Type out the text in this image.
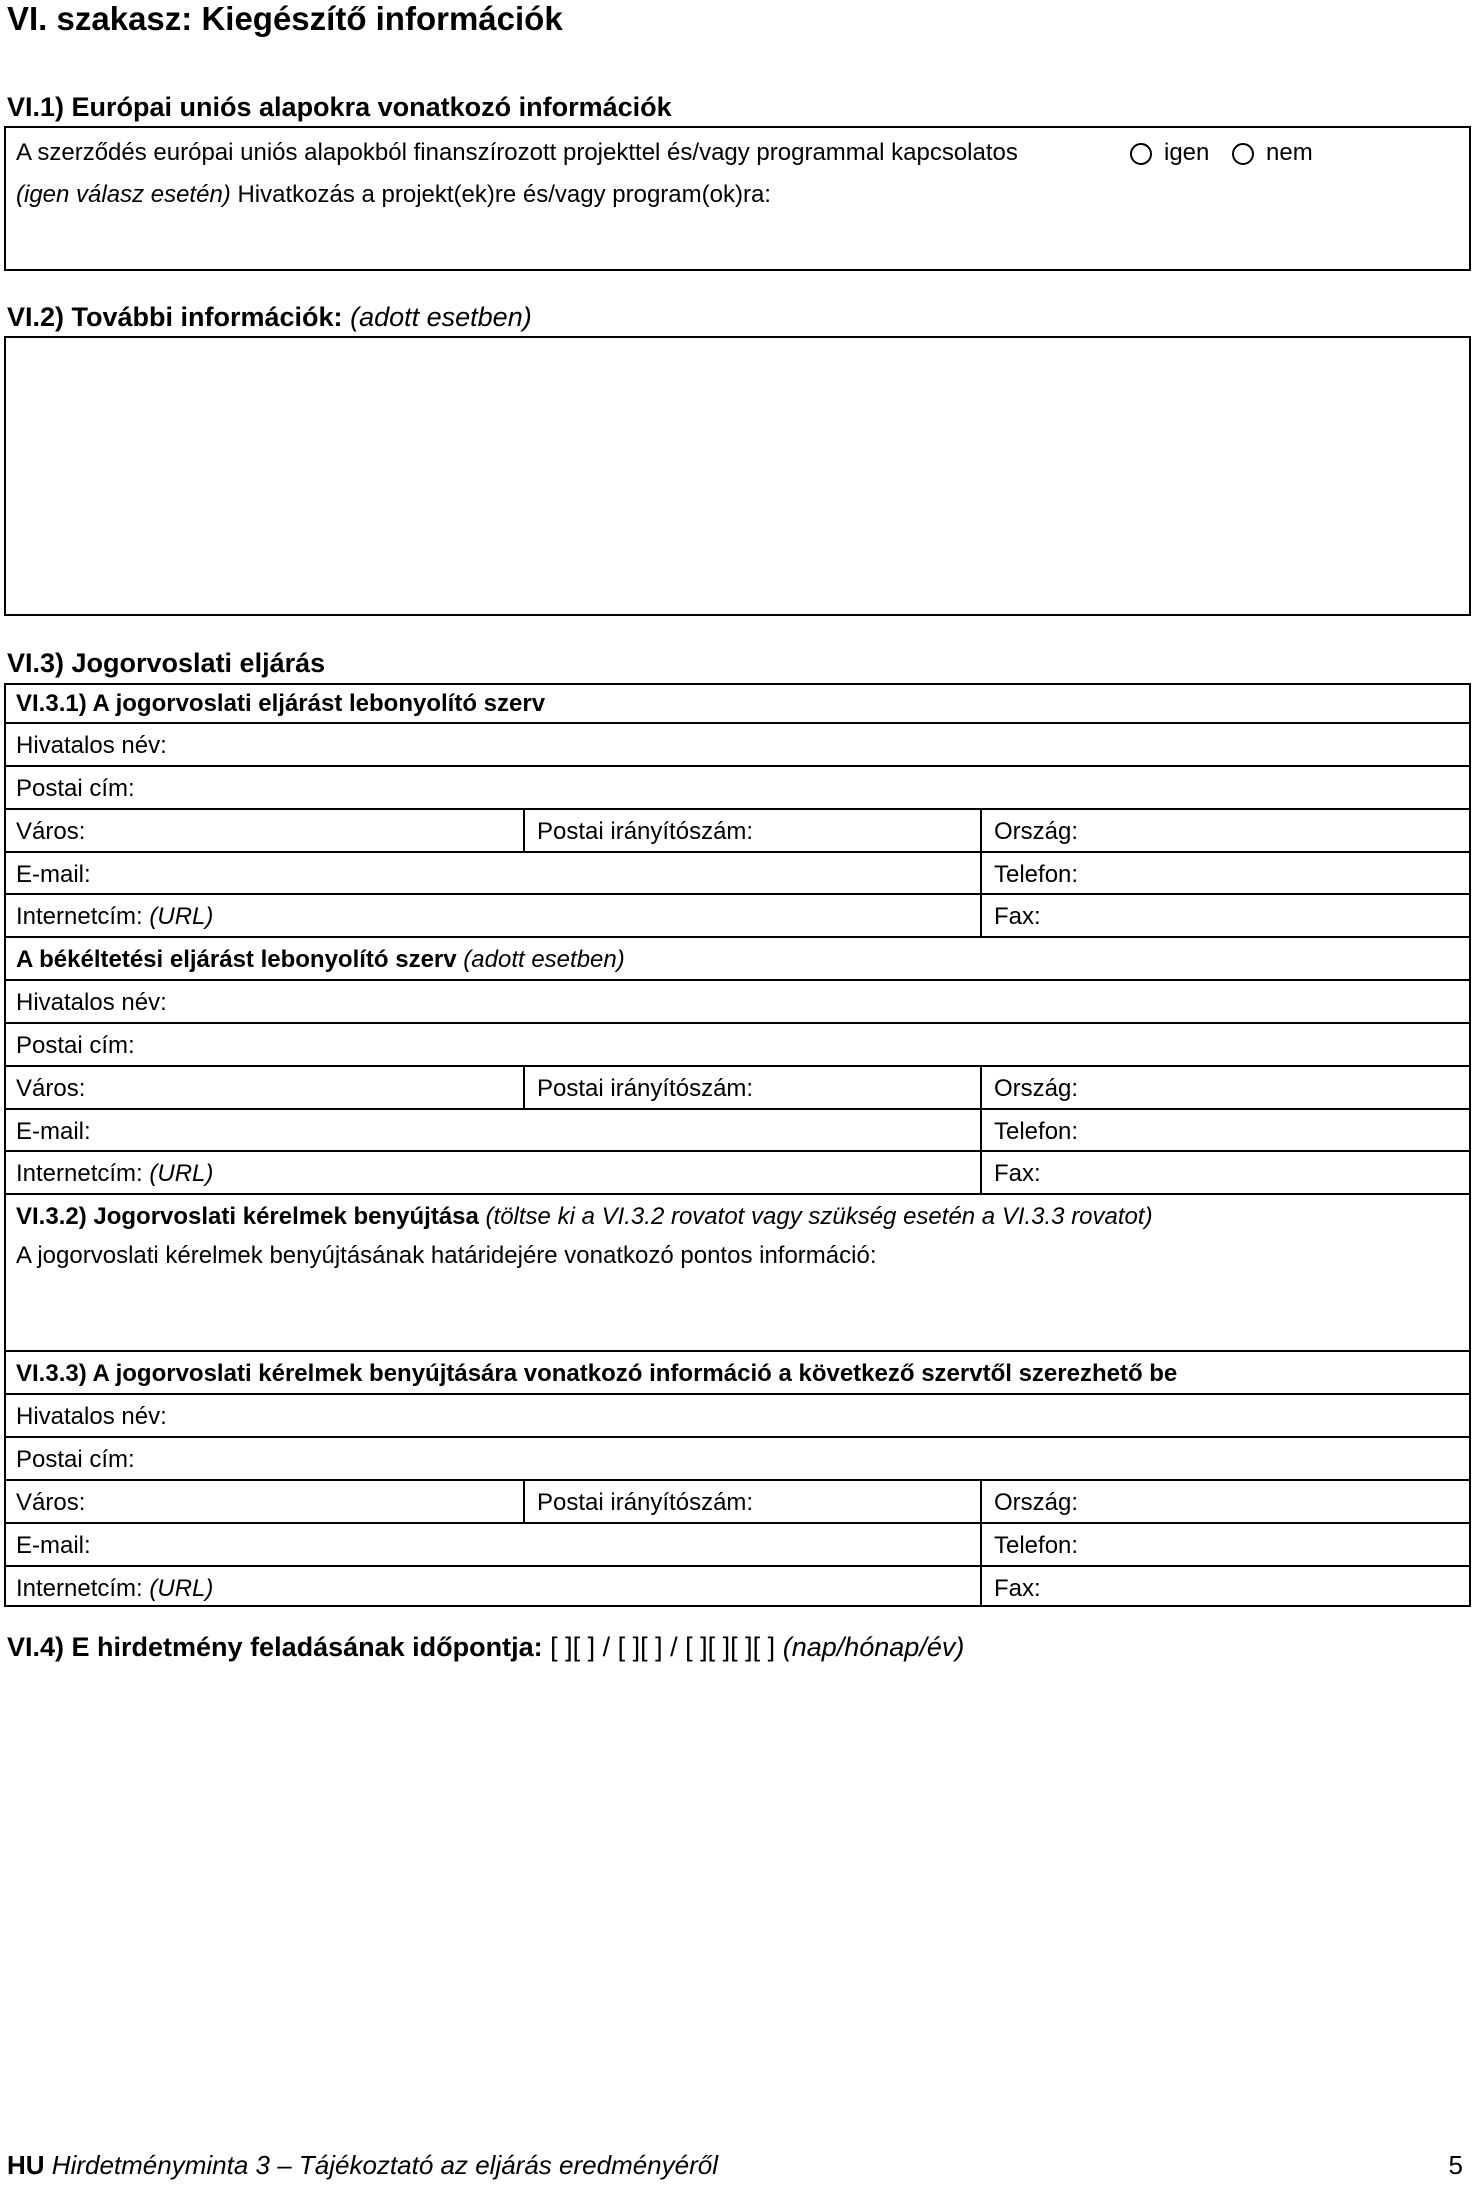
VI. szakasz: Kiegészítő információk
VI.1) Európai uniós alapokra vonatkozó információk
A szerződés európai uniós alapokból finanszírozott projekttel és/vagy programmal kapcsolatos	igen nem
(igen válasz esetén) Hivatkozás a projekt(ek)re és/vagy program(ok)ra:
VI.2) További információk: (adott esetben)
VI.3) Jogorvoslati eljárás
VI.3.1) A jogorvoslati eljárást lebonyolító szerv
Hivatalos név:
Postai cím:
Város:	Postai irányítószám:	Ország:
E-mail:	Telefon:
Internetcím: (URL)	Fax:
A békéltetési eljárást lebonyolító szerv (adott esetben)
Hivatalos név:
Postai cím:
Város:	Postai irányítószám:	Ország:
E-mail:	Telefon:
Internetcím: (URL)	Fax:
VI.3.2) Jogorvoslati kérelmek benyújtása (töltse ki a VI.3.2 rovatot vagy szükség esetén a VI.3.3 rovatot)
A jogorvoslati kérelmek benyújtásának határidejére vonatkozó pontos információ:
VI.3.3) A jogorvoslati kérelmek benyújtására vonatkozó információ a következő szervtől szerezhető be
Hivatalos név:
Postai cím:
Város:	Postai irányítószám:	Ország:
E-mail:	Telefon:
Internetcím: (URL)	Fax:
VI.4) E hirdetmény feladásának időpontja: [ ][ ] / [ ][ ] / [ ][ ][ ][ ] (nap/hónap/év)
HU Hirdetményminta 3 – Tájékoztató az eljárás eredményéről	5
